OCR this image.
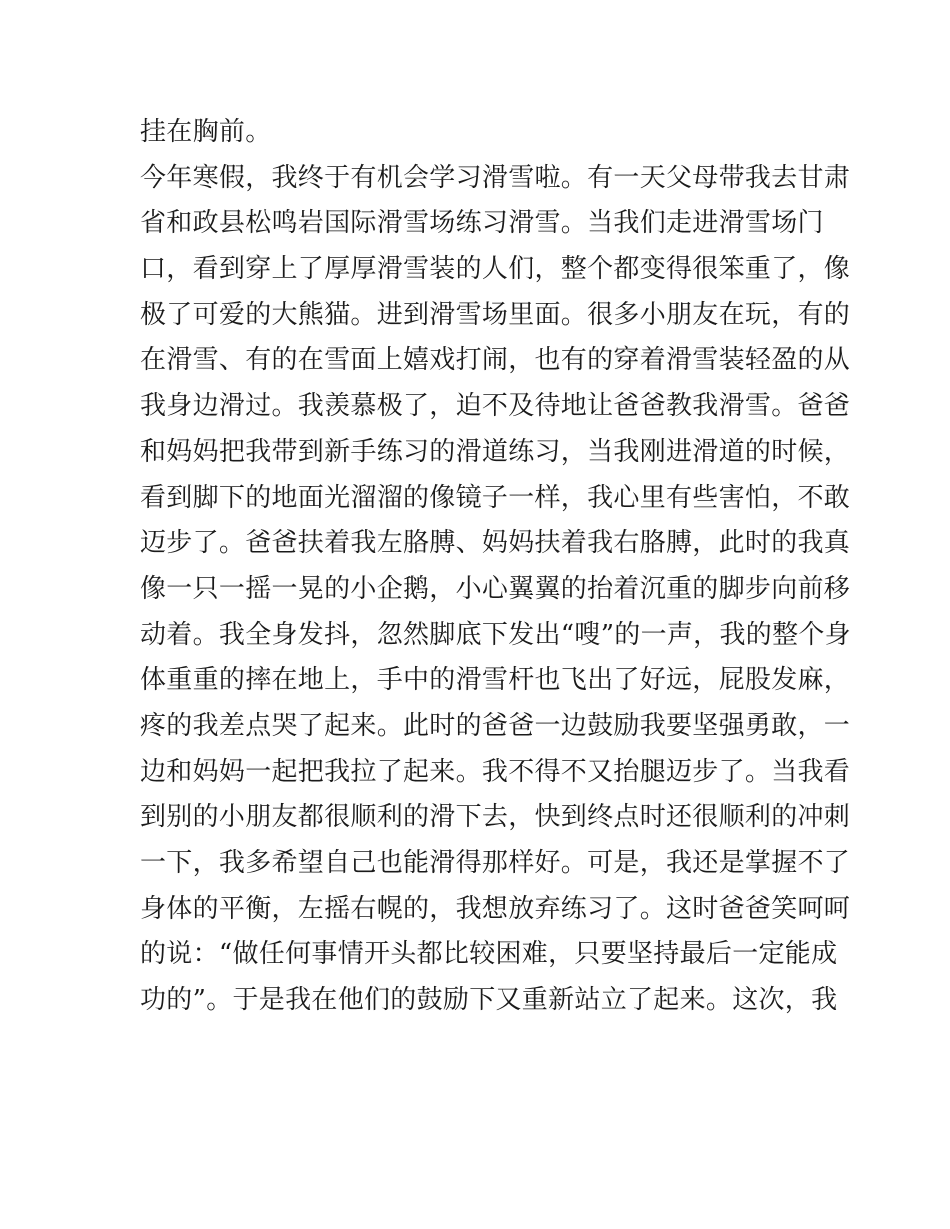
挂在胸前。
今年寒假，我终于有机会学习滑雪啦。有一天父母带我去甘肃
省和政县松鸣岩国际滑雪场练习滑雪。当我们走进滑雪场门
口，看到穿上了厚厚滑雪装的人们，整个都变得很笨重了，像
极了可爱的大熊猫。进到滑雪场里面。很多小朋友在玩，有的
在滑雪、有的在雪面上嬉戏打闹，也有的穿着滑雪装轻盈的从
我身边滑过。我羡慕极了，迫不及待地让爸爸教我滑雪。爸爸
和妈妈把我带到新手练习的滑道练习，当我刚进滑道的时候，
看到脚下的地面光溜溜的像镜子一样，我心里有些害怕，不敢
迈步了。爸爸扶着我左胳膊、妈妈扶着我右胳膊，此时的我真
像一只一摇一晃的小企鹅，小心翼翼的抬着沉重的脚步向前移
动着。我全身发抖，忽然脚底下发出“嗖”的一声，我的整个身
体重重的摔在地上，手中的滑雪杆也飞出了好远，屁股发麻，
疼的我差点哭了起来。此时的爸爸一边鼓励我要坚强勇敢，一
边和妈妈一起把我拉了起来。我不得不又抬腿迈步了。当我看
到别的小朋友都很顺利的滑下去，快到终点时还很顺利的冲刺
一下，我多希望自己也能滑得那样好。可是，我还是掌握不了
身体的平衡，左摇右幌的，我想放弃练习了。这时爸爸笑呵呵
的说：“做任何事情开头都比较困难，只要坚持最后一定能成
功的”。于是我在他们的鼓励下又重新站立了起来。这次，我
